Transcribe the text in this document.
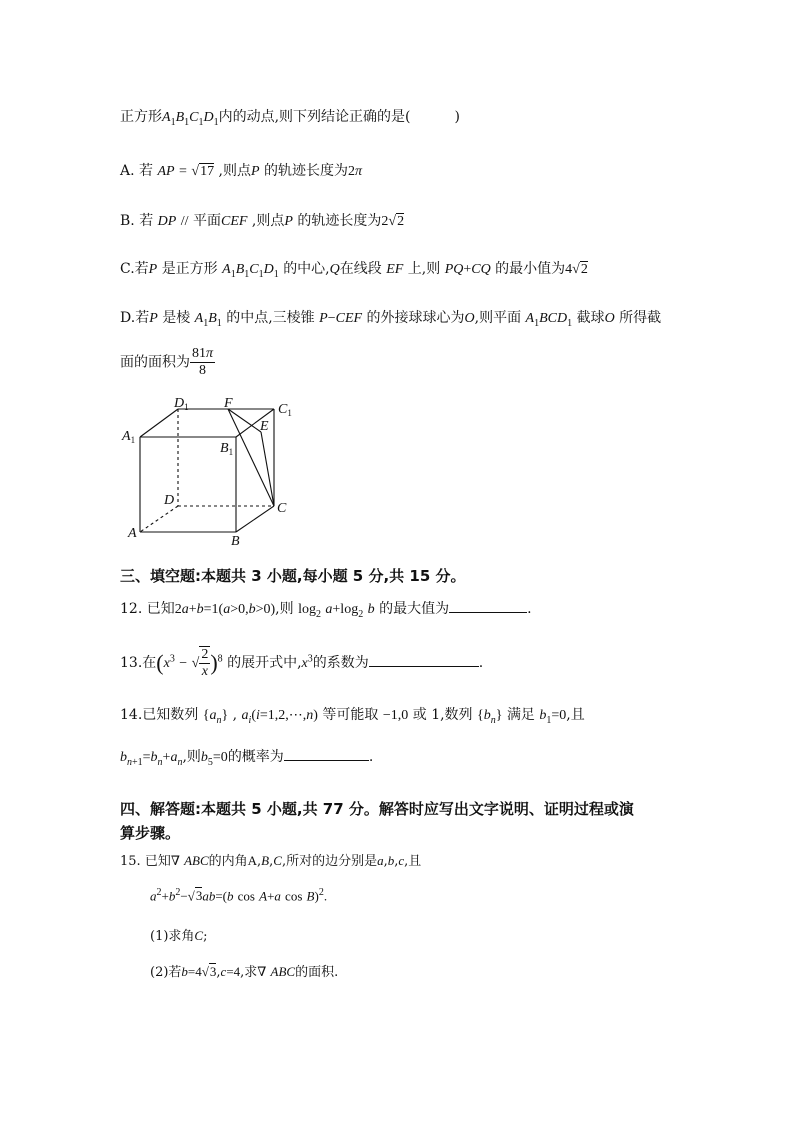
正方形$A_1B_1C_1D_1$内的动点,则下列结论正确的是(	)
A. 若 AP = √17 ,则点P 的轨迹长度为2π
B. 若 DP // 平面CEF ,则点P 的轨迹长度为2√2
C.若P 是正方形 $A_1B_1C_1D_1$ 的中心,Q在线段 EF 上,则 PQ+CQ 的最小值为4√2
D.若P 是棱 $A_1B_1$ 的中点,三棱锥 P−CEF 的外接球球心为O,则平面 $A_1BCD_1$ 截球O 所得截
面的面积为 $\frac{81\pi}{8}$
$D_1$	F	$C_1$
$A_1$
E
$B_1$
D
C
A
B
三、填空题:本题共 3 小题,每小题 5 分,共 15 分。
12. 已知2a+b=1(a>0,b>0),则 $\log_2 a+\log_2$ b 的最大值为	.
13.在($x^3$ − √ $\frac{2}{x} )^8$ 的展开式中$,x^3$的系数为	.
14.已知数列 $\{a_n\}$ , $a_i(i=1,2,\cdots,n)$ 等可能取 −1,0 或 1,数列 $\{b_n\}$ 满足 $b_1=0$,且
$b_{n+1}=b_n+a_n$,则$b_5=0$的概率为	.
四、解答题:本题共 5 小题,共 77 分。解答时应写出文字说明、证明过程或演
算步骤。
15. 已知∇ ABC的内角A,B,C,所对的边分别是a,b,c,且
$a^2+b^2-√3ab=(b$ cos A+a cos B)$^2$.
(1)求角C;
(2)若b=4√3,c=4,求∇ ABC的面积.
